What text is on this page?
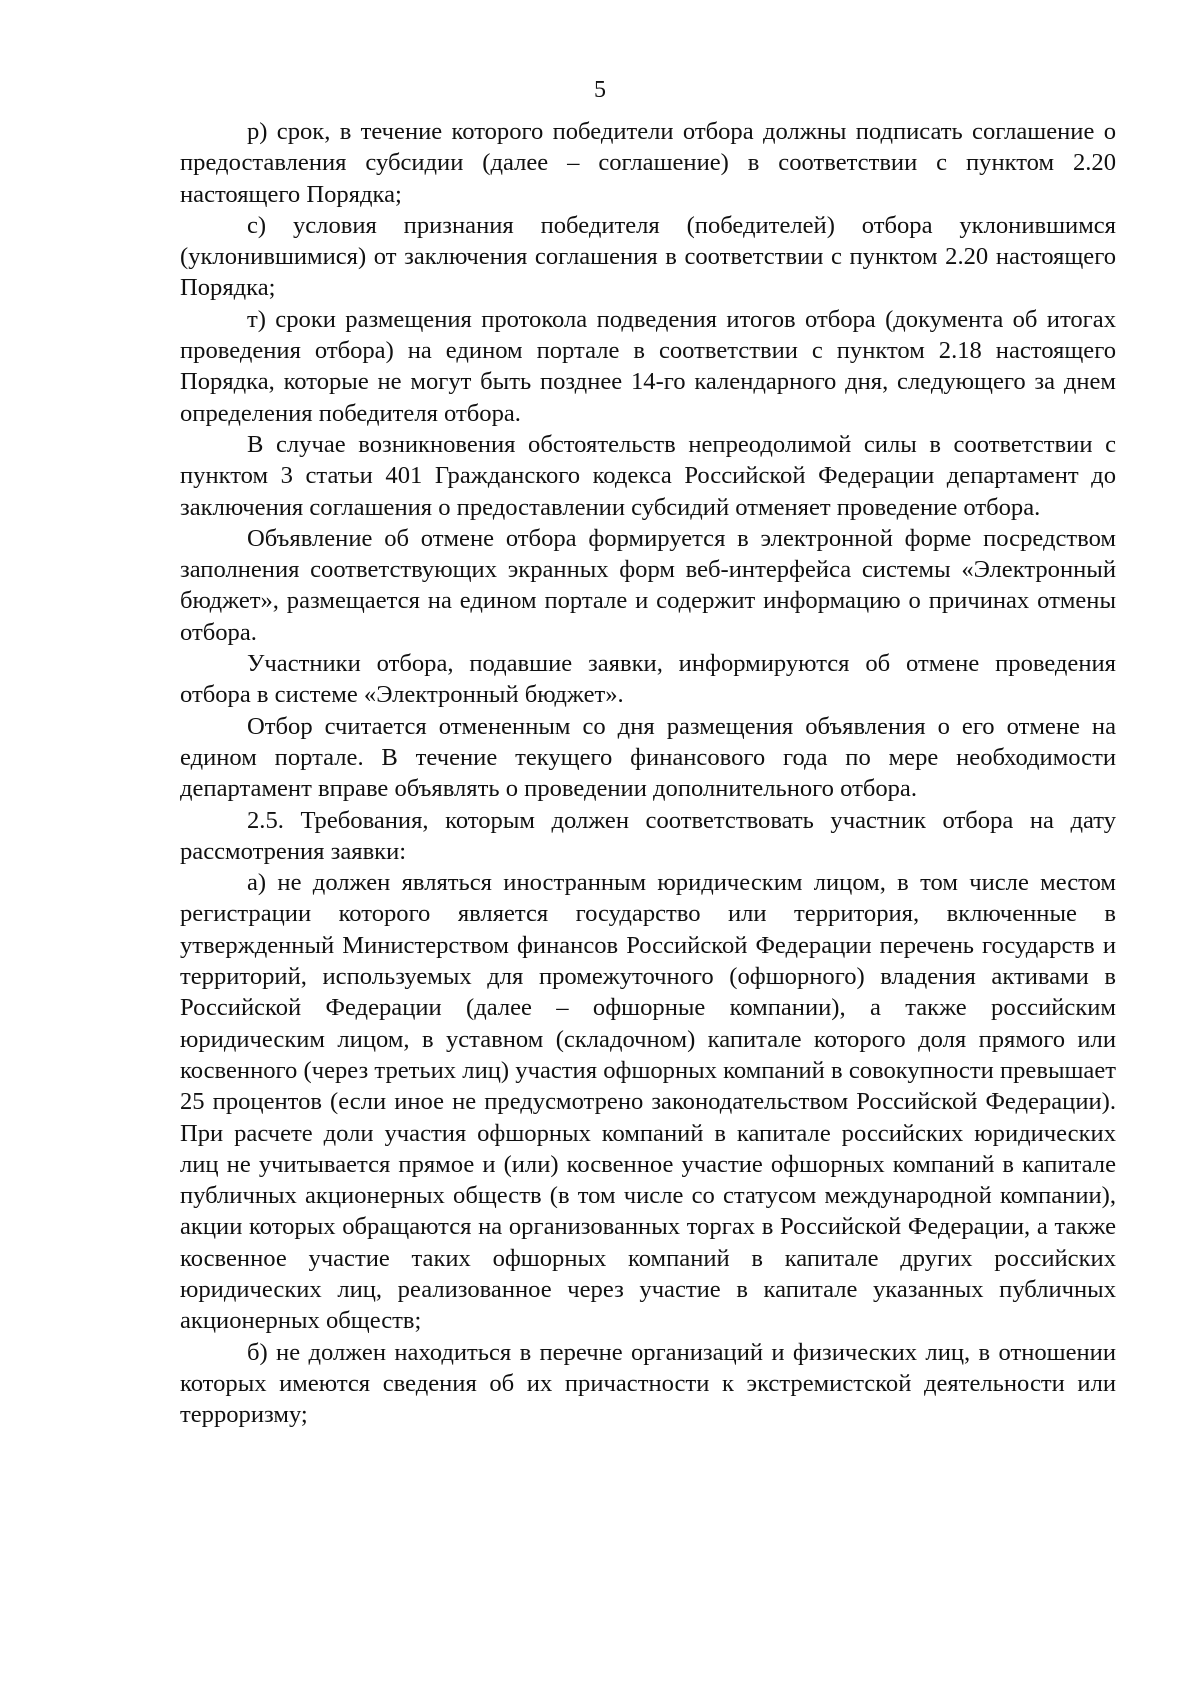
5

р) срок, в течение которого победители отбора должны подписать соглашение о предоставления субсидии (далее – соглашение) в соответствии с пунктом 2.20 настоящего Порядка;

с) условия признания победителя (победителей) отбора уклонившимся (уклонившимися) от заключения соглашения в соответствии с пунктом 2.20 настоящего Порядка;

т) сроки размещения протокола подведения итогов отбора (документа об итогах проведения отбора) на едином портале в соответствии с пунктом 2.18 настоящего Порядка, которые не могут быть позднее 14-го календарного дня, следующего за днем определения победителя отбора.

В случае возникновения обстоятельств непреодолимой силы в соответствии с пунктом 3 статьи 401 Гражданского кодекса Российской Федерации департамент до заключения соглашения о предоставлении субсидий отменяет проведение отбора.

Объявление об отмене отбора формируется в электронной форме посредством заполнения соответствующих экранных форм веб-интерфейса системы «Электронный бюджет», размещается на едином портале и содержит информацию о причинах отмены отбора.

Участники отбора, подавшие заявки, информируются об отмене проведения отбора в системе «Электронный бюджет».

Отбор считается отмененным со дня размещения объявления о его отмене на едином портале. В течение текущего финансового года по мере необходимости департамент вправе объявлять о проведении дополнительного отбора.

2.5. Требования, которым должен соответствовать участник отбора на дату рассмотрения заявки:

а) не должен являться иностранным юридическим лицом, в том числе местом регистрации которого является государство или территория, включенные в утвержденный Министерством финансов Российской Федерации перечень государств и территорий, используемых для промежуточного (офшорного) владения активами в Российской Федерации (далее – офшорные компании), а также российским юридическим лицом, в уставном (складочном) капитале которого доля прямого или косвенного (через третьих лиц) участия офшорных компаний в совокупности превышает 25 процентов (если иное не предусмотрено законодательством Российской Федерации). При расчете доли участия офшорных компаний в капитале российских юридических лиц не учитывается прямое и (или) косвенное участие офшорных компаний в капитале публичных акционерных обществ (в том числе со статусом международной компании), акции которых обращаются на организованных торгах в Российской Федерации, а также косвенное участие таких офшорных компаний в капитале других российских юридических лиц, реализованное через участие в капитале указанных публичных акционерных обществ;

б) не должен находиться в перечне организаций и физических лиц, в отношении которых имеются сведения об их причастности к экстремистской деятельности или терроризму;
